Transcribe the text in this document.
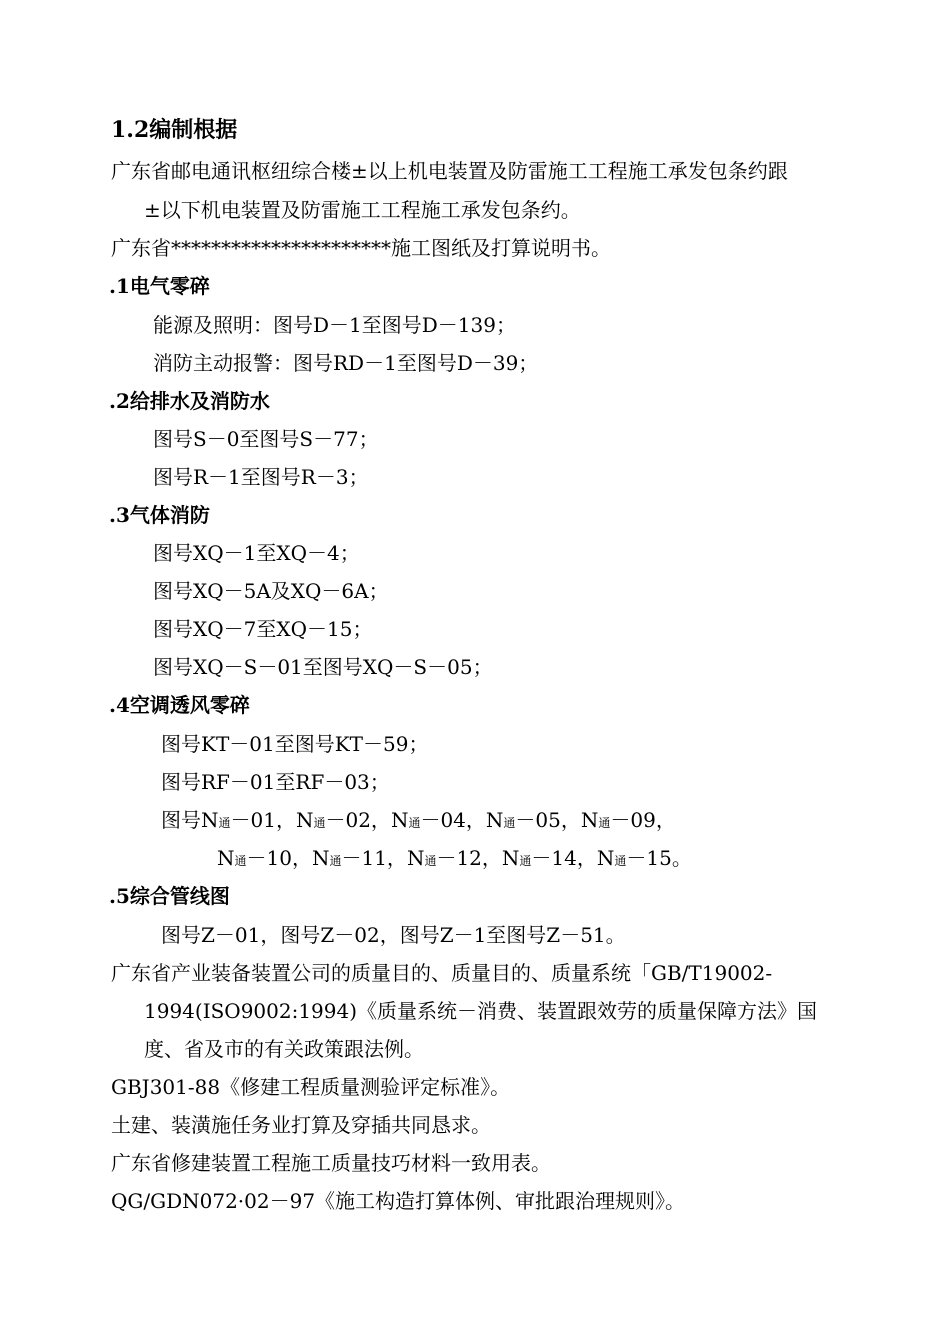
1.2编制根据
广东省邮电通讯枢纽综合楼±以上机电装置及防雷施工工程施工承发包条约跟
±以下机电装置及防雷施工工程施工承发包条约。
广东省**********************施工图纸及打算说明书。
.1电气零碎
能源及照明：图号D－1至图号D－139；
消防主动报警：图号RD－1至图号D－39；
.2给排水及消防水
图号S－0至图号S－77；
图号R－1至图号R－3；
.3气体消防
图号XQ－1至XQ－4；
图号XQ－5A及XQ－6A；
图号XQ－7至XQ－15；
图号XQ－S－01至图号XQ－S－05；
.4空调透风零碎
图号KT－01至图号KT－59；
图号RF－01至RF－03；
图号N通－01，N通－02，N通－04，N通－05，N通－09，
N通－10，N通－11，N通－12，N通－14，N通－15。
.5综合管线图
图号Z－01，图号Z－02，图号Z－1至图号Z－51。
广东省产业装备装置公司的质量目的、质量目的、质量系统「GB/T19002-
1994(ISO9002:1994)《质量系统－消费、装置跟效劳的质量保障方法》国
度、省及市的有关政策跟法例。
GBJ301-88《修建工程质量测验评定标准》。
土建、装潢施任务业打算及穿插共同恳求。
广东省修建装置工程施工质量技巧材料一致用表。
QG/GDN072·02－97《施工构造打算体例、审批跟治理规则》。
